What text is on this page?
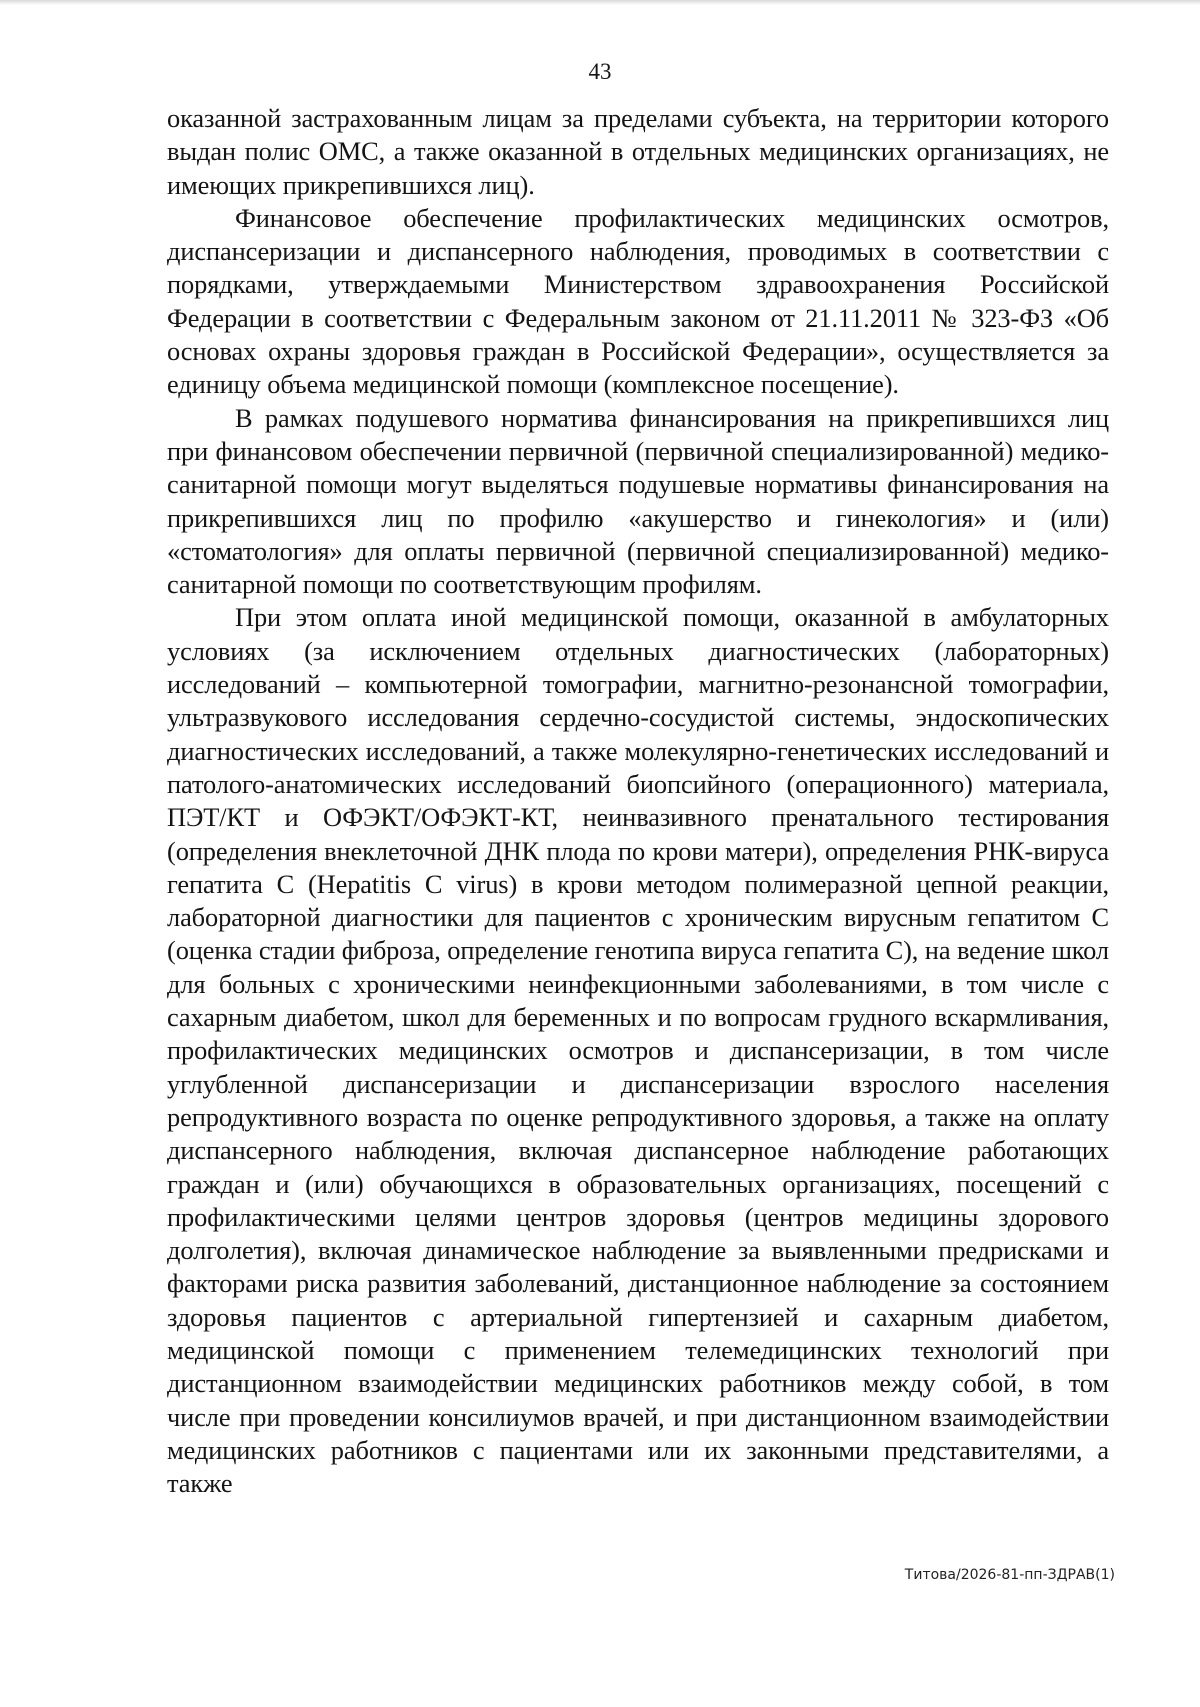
43

оказанной застрахованным лицам за пределами субъекта, на территории которого выдан полис ОМС, а также оказанной в отдельных медицинских организациях, не имеющих прикрепившихся лиц).

Финансовое обеспечение профилактических медицинских осмотров, диспансеризации и диспансерного наблюдения, проводимых в соответствии с порядками, утверждаемыми Министерством здравоохранения Российской Федерации в соответствии с Федеральным законом от 21.11.2011 № 323-ФЗ «Об основах охраны здоровья граждан в Российской Федерации», осуществляется за единицу объема медицинской помощи (комплексное посещение).

В рамках подушевого норматива финансирования на прикрепившихся лиц при финансовом обеспечении первичной (первичной специализированной) медико-санитарной помощи могут выделяться подушевые нормативы финансирования на прикрепившихся лиц по профилю «акушерство и гинекология» и (или) «стоматология» для оплаты первичной (первичной специализированной) медико-санитарной помощи по соответствующим профилям.

При этом оплата иной медицинской помощи, оказанной в амбулаторных условиях (за исключением отдельных диагностических (лабораторных) исследований – компьютерной томографии, магнитно-резонансной томографии, ультразвукового исследования сердечно-сосудистой системы, эндоскопических диагностических исследований, а также молекулярно-генетических исследований и патолого-анатомических исследований биопсийного (операционного) материала, ПЭТ/КТ и ОФЭКТ/ОФЭКТ-КТ, неинвазивного пренатального тестирования (определения внеклеточной ДНК плода по крови матери), определения РНК-вируса гепатита С (Hepatitis C virus) в крови методом полимеразной цепной реакции, лабораторной диагностики для пациентов с хроническим вирусным гепатитом С (оценка стадии фиброза, определение генотипа вируса гепатита С), на ведение школ для больных с хроническими неинфекционными заболеваниями, в том числе с сахарным диабетом, школ для беременных и по вопросам грудного вскармливания, профилактических медицинских осмотров и диспансеризации, в том числе углубленной диспансеризации и диспансеризации взрослого населения репродуктивного возраста по оценке репродуктивного здоровья, а также на оплату диспансерного наблюдения, включая диспансерное наблюдение работающих граждан и (или) обучающихся в образовательных организациях, посещений с профилактическими целями центров здоровья (центров медицины здорового долголетия), включая динамическое наблюдение за выявленными предрисками и факторами риска развития заболеваний, дистанционное наблюдение за состоянием здоровья пациентов с артериальной гипертензией и сахарным диабетом, медицинской помощи с применением телемедицинских технологий при дистанционном взаимодействии медицинских работников между собой, в том числе при проведении консилиумов врачей, и при дистанционном взаимодействии медицинских работников с пациентами или их законными представителями, а также

Титова/2026-81-пп-ЗДРАВ(1)
